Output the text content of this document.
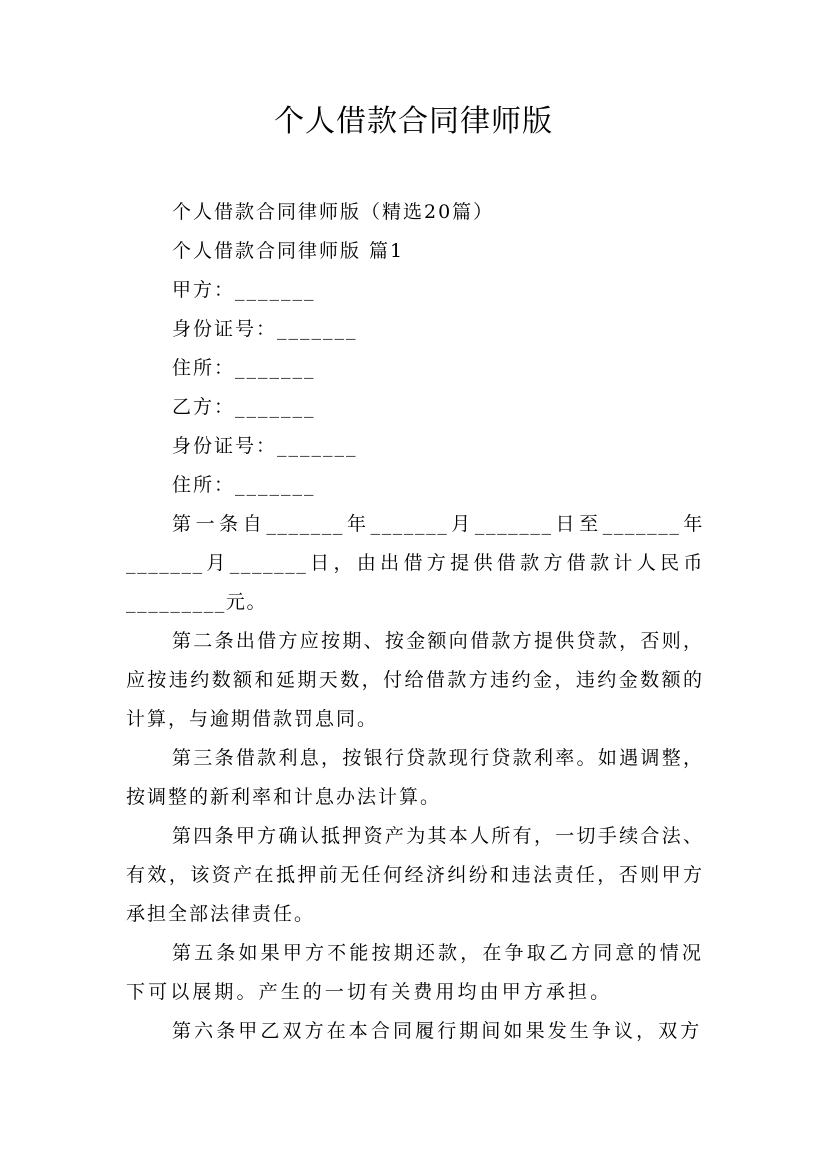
个人借款合同律师版
个人借款合同律师版（精选20篇）
个人借款合同律师版 篇1
甲方：_______
身份证号：_______
住所：_______
乙方：_______
身份证号：_______
住所：_______

第一条自_______年_______月_______日至_______年_______月_______日，由出借方提供借款方借款计人民币_________元。

第二条出借方应按期、按金额向借款方提供贷款，否则，应按违约数额和延期天数，付给借款方违约金，违约金数额的计算，与逾期借款罚息同。

第三条借款利息，按银行贷款现行贷款利率。如遇调整，按调整的新利率和计息办法计算。

第四条甲方确认抵押资产为其本人所有，一切手续合法、有效，该资产在抵押前无任何经济纠纷和违法责任，否则甲方承担全部法律责任。

第五条如果甲方不能按期还款，在争取乙方同意的情况下可以展期。产生的一切有关费用均由甲方承担。

第六条甲乙双方在本合同履行期间如果发生争议，双方
